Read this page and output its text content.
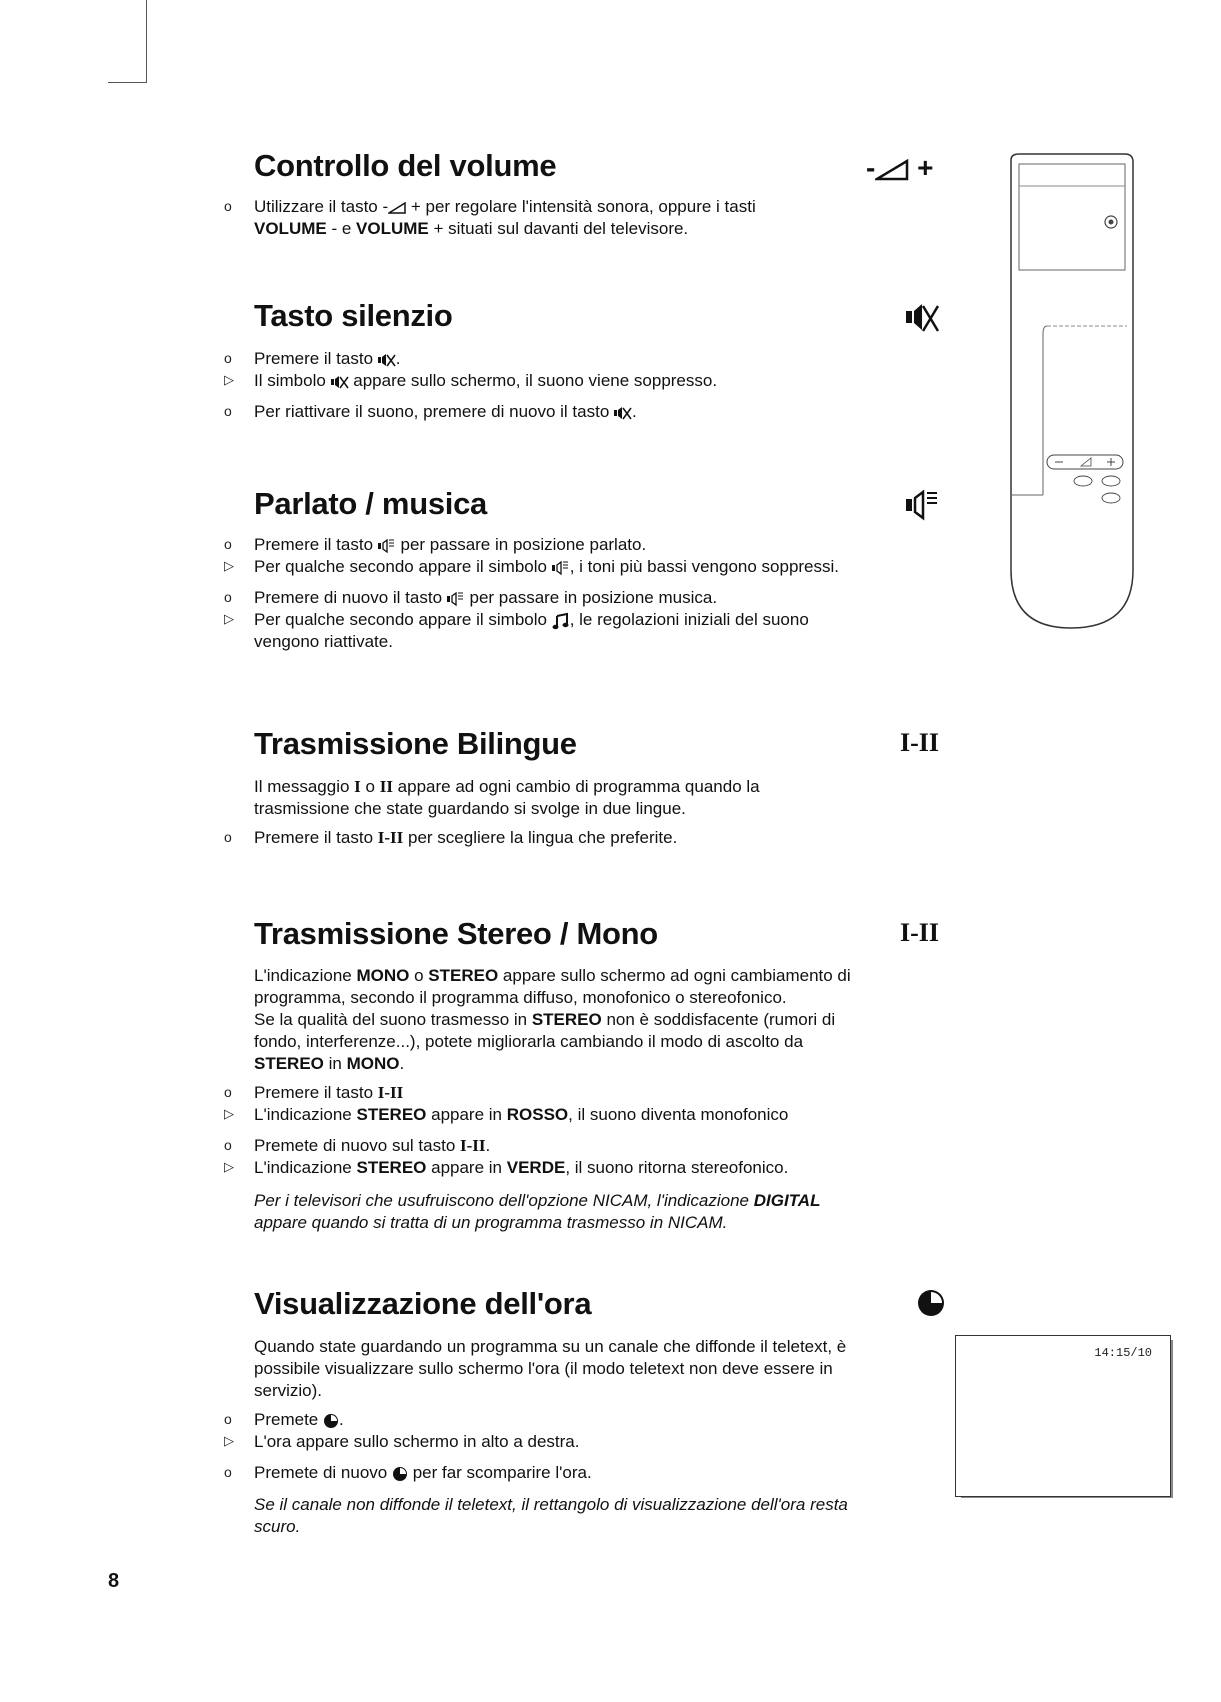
Controllo del volume	- +
o Utilizzare il tasto - + per regolare l'intensità sonora, oppure i tasti
VOLUME - e VOLUME + situati sul davanti del televisore.
Tasto silenzio
o Premere il tasto .
▷ Il simbolo  appare sullo schermo, il suono viene soppresso.
o Per riattivare il suono, premere di nuovo il tasto .
Parlato / musica
o Premere il tasto  per passare in posizione parlato.
▷ Per qualche secondo appare il simbolo , i toni più bassi vengono soppressi.
o Premere di nuovo il tasto  per passare in posizione musica.
▷ Per qualche secondo appare il simbolo , le regolazioni iniziali del suono
vengono riattivate.
Trasmissione Bilingue	I-II
Il messaggio I o II appare ad ogni cambio di programma quando la
trasmissione che state guardando si svolge in due lingue.
o Premere il tasto I-II per scegliere la lingua che preferite.
Trasmissione Stereo / Mono	I-II
L'indicazione MONO o STEREO appare sullo schermo ad ogni cambiamento di
programma, secondo il programma diffuso, monofonico o stereofonico.
Se la qualità del suono trasmesso in STEREO non è soddisfacente (rumori di
fondo, interferenze...), potete migliorarla cambiando il modo di ascolto da
STEREO in MONO.
o Premere il tasto I-II
▷ L'indicazione STEREO appare in ROSSO, il suono diventa monofonico
o Premete di nuovo sul tasto I-II.
▷ L'indicazione STEREO appare in VERDE, il suono ritorna stereofonico.
Per i televisori che usufruiscono dell'opzione NICAM, l'indicazione DIGITAL
appare quando si tratta di un programma trasmesso in NICAM.
Visualizzazione dell'ora
Quando state guardando un programma su un canale che diffonde il teletext, è
possibile visualizzare sullo schermo l'ora (il modo teletext non deve essere in
servizio).
o Premete .
▷ L'ora appare sullo schermo in alto a destra.
o Premete di nuovo  per far scomparire l'ora.
Se il canale non diffonde il teletext, il rettangolo di visualizzazione dell'ora resta
scuro.
14:15/10
8
